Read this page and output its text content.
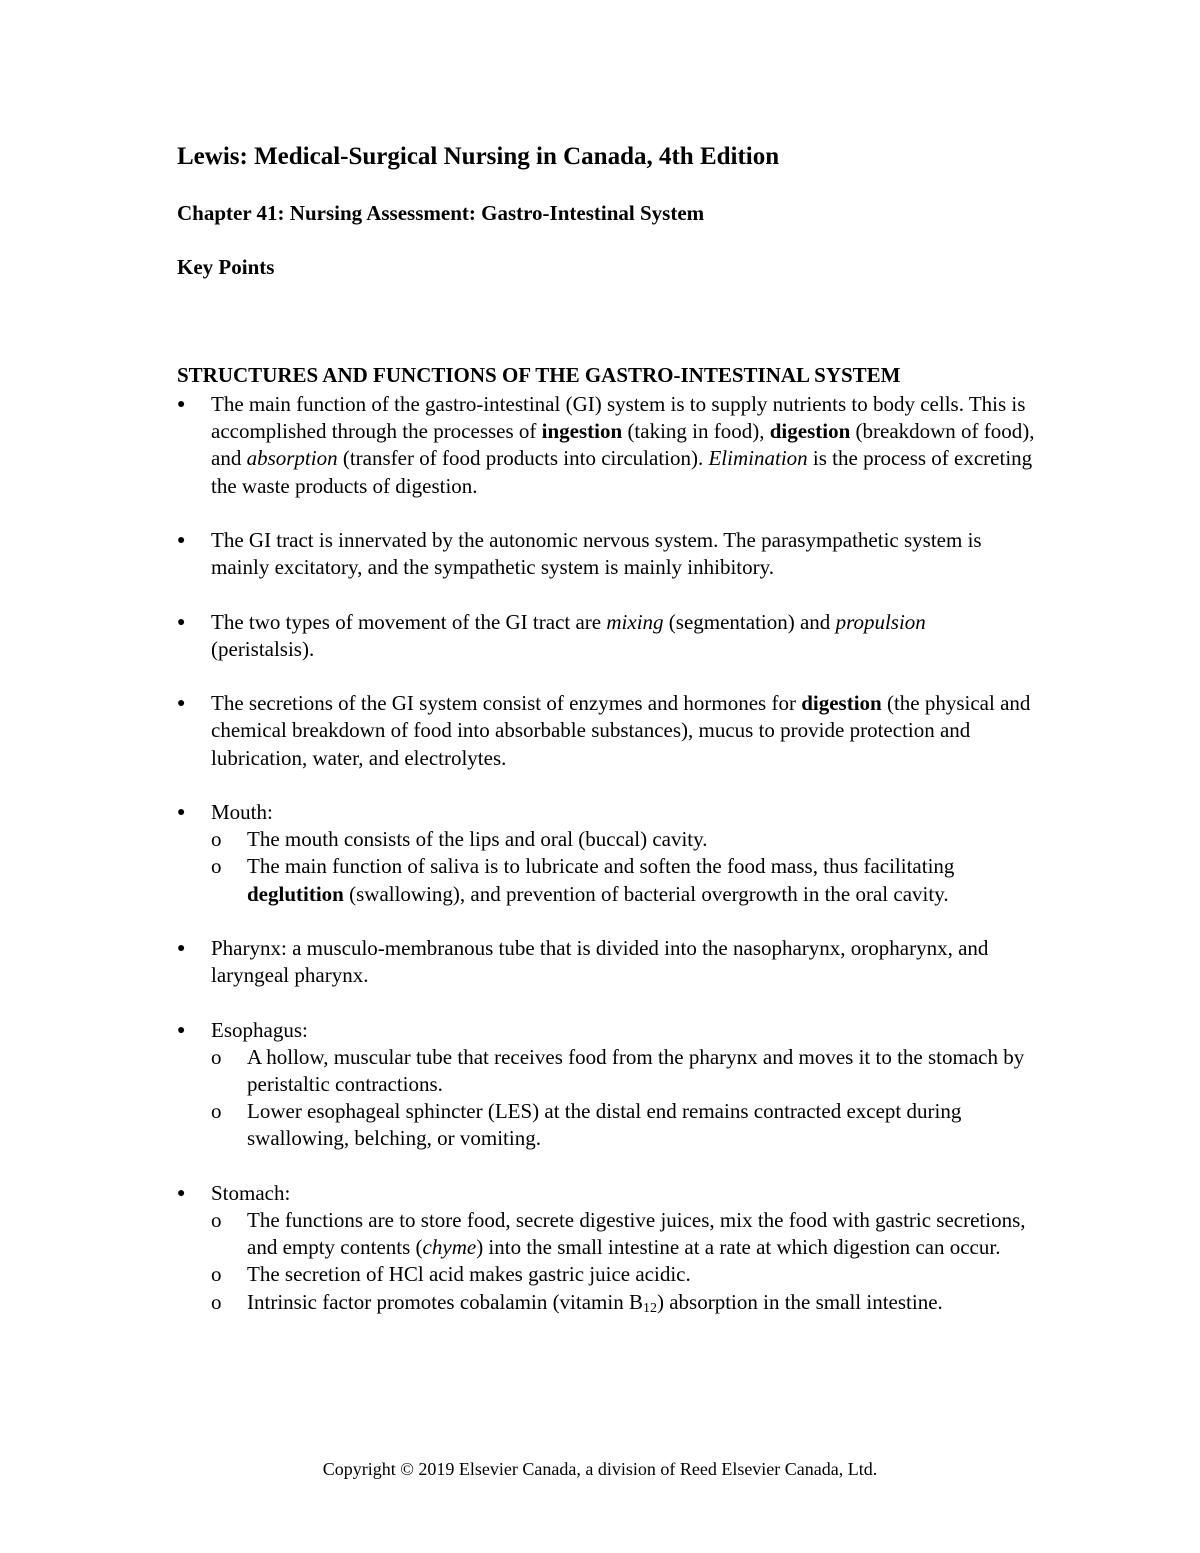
Lewis: Medical-Surgical Nursing in Canada, 4th Edition
Chapter 41: Nursing Assessment: Gastro-Intestinal System
Key Points
STRUCTURES AND FUNCTIONS OF THE GASTRO-INTESTINAL SYSTEM
●	The main function of the gastro-intestinal (GI) system is to supply nutrients to body cells. This is accomplished through the processes of ingestion (taking in food), digestion (breakdown of food), and absorption (transfer of food products into circulation). Elimination is the process of excreting the waste products of digestion.
●	The GI tract is innervated by the autonomic nervous system. The parasympathetic system is mainly excitatory, and the sympathetic system is mainly inhibitory.
●	The two types of movement of the GI tract are mixing (segmentation) and propulsion
(peristalsis).
●	The secretions of the GI system consist of enzymes and hormones for digestion (the physical and chemical breakdown of food into absorbable substances), mucus to provide protection and lubrication, water, and electrolytes.
●	Mouth:
o	The mouth consists of the lips and oral (buccal) cavity.
o	The main function of saliva is to lubricate and soften the food mass, thus facilitating deglutition (swallowing), and prevention of bacterial overgrowth in the oral cavity.
●	Pharynx: a musculo-membranous tube that is divided into the nasopharynx, oropharynx, and laryngeal pharynx.
●	Esophagus:
o	A hollow, muscular tube that receives food from the pharynx and moves it to the stomach by peristaltic contractions.
o	Lower esophageal sphincter (LES) at the distal end remains contracted except during swallowing, belching, or vomiting.
●	Stomach:
o	The functions are to store food, secrete digestive juices, mix the food with gastric secretions, and empty contents (chyme) into the small intestine at a rate at which digestion can occur.
o	The secretion of HCl acid makes gastric juice acidic.
o	Intrinsic factor promotes cobalamin (vitamin $B_{12}$) absorption in the small intestine.
Copyright © 2019 Elsevier Canada, a division of Reed Elsevier Canada, Ltd.
